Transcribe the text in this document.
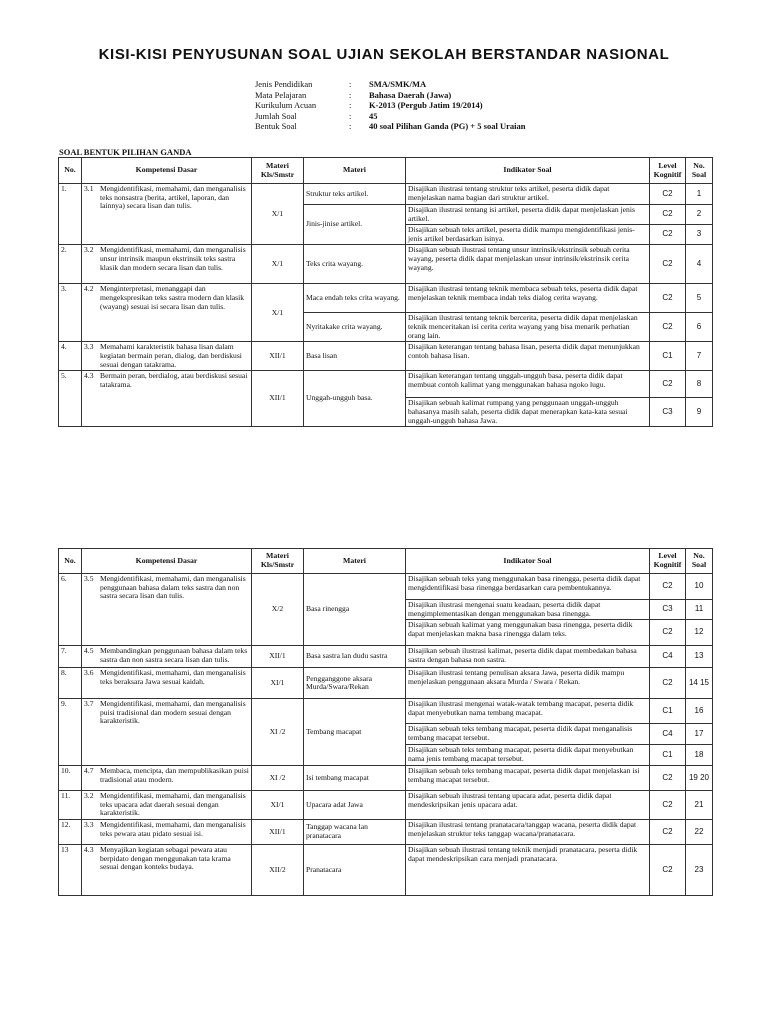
KISI-KISI PENYUSUNAN SOAL UJIAN SEKOLAH BERSTANDAR NASIONAL
Jenis Pendidikan	:	SMA/SMK/MA
Mata Pelajaran	:	Bahasa Daerah (Jawa)
Kurikulum Acuan	:	K-2013 (Pergub Jatim 19/2014)
Jumlah Soal	:	45
Bentuk Soal	:	40 soal Pilihan Ganda (PG) + 5 soal Uraian
SOAL BENTUK PILIHAN GANDA
No.	Kompetensi Dasar	Materi Kls/Smstr	Materi	Indikator Soal	Level Kognitif	No. Soal
1.	3.1 Mengidentifikasi, memahami, dan menganalisis teks nonsastra (berita, artikel, laporan, dan lainnya) secara lisan dan tulis.	X/1	Struktur teks artikel.	Disajikan ilustrasi tentang struktur teks artikel, peserta didik dapat menjelaskan nama bagian dari struktur artikel.	C2	1
			Jinis-jinise artikel.	Disajikan ilustrasi tentang isi artikel, peserta didik dapat menjelaskan jenis artikel.	C2	2
				Disajikan sebuah teks artikel, peserta didik mampu mengidentifikasi jenis-jenis artikel berdasarkan isinya.	C2	3
2.	3.2 Mengidentifikasi, memahami, dan menganalisis unsur intrinsik maupun ekstrinsik teks sastra klasik dan modern secara lisan dan tulis.	X/1	Teks crita wayang.	Disajikan sebuah ilustrasi tentang unsur intrinsik/ekstrinsik sebuah cerita wayang, peserta didik dapat menjelaskan unsur intrinsik/ekstrinsik cerita wayang.	C2	4
3.	4.2 Menginterpretasi, menanggapi dan mengekspresikan teks sastra modern dan klasik (wayang) sesuai isi secara lisan dan tulis.	X/1	Maca endah teks crita wayang.	Disajikan ilustrasi tentang teknik membaca sebuah teks, peserta didik dapat menjelaskan teknik membaca indah teks dialog cerita wayang.	C2	5
			Nyritakake crita wayang.	Disajikan ilustrasi tentang teknik bercerita, peserta didik dapat menjelaskan teknik menceritakan isi cerita cerita wayang yang bisa menarik perhatian orang lain.	C2	6
4.	3.3 Memahami karakteristik bahasa lisan dalam kegiatan bermain peran, dialog, dan berdiskusi sesuai dengan tatakrama.	XII/1	Basa lisan	Disajikan keterangan tentang bahasa lisan, peserta didik dapat menunjukkan contoh bahasa lisan.	C1	7
5.	4.3 Bermain peran, berdialog, atau berdiskusi sesuai tatakrama.	XII/1	Unggah-ungguh basa.	Disajikan keterangan tentang unggah-ungguh basa, peserta didik dapat membuat contoh kalimat yang menggunakan bahasa ngoko lugu.	C2	8
				Disajikan sebuah kalimat rumpang yang penggunaan unggah-ungguh bahasanya masih salah, peserta didik dapat menerapkan kata-kata sesuai unggah-ungguh bahasa Jawa.	C3	9
No.	Kompetensi Dasar	Materi Kls/Smstr	Materi	Indikator Soal	Level Kognitif	No. Soal
6.	3.5 Mengidentifikasi, memahami, dan menganalisis penggunaan bahasa dalam teks sastra dan non sastra secara lisan dan tulis.	X/2	Basa rinengga	Disajikan sebuah teks yang menggunakan basa rinengga, peserta didik dapat mengidentifikasi basa rinengga berdasarkan cara pembentukannya.	C2	10
				Disajikan ilustrasi mengenai suatu keadaan, peserta didik dapat mengimplementasikan dengan menggunakan basa rinengga.	C3	11
				Disajikan sebuah kalimat yang menggunakan basa rinengga, peserta didik dapat menjelaskan makna basa rinengga dalam teks.	C2	12
7.	4.5 Membandingkan penggunaan bahasa dalam teks sastra dan non sastra secara lisan dan tulis.	XII/1	Basa sastra lan dudu sastra	Disajikan sebuah ilustrasi kalimat, peserta didik dapat membedakan bahasa sastra dengan bahasa non sastra.	C4	13
8.	3.6 Mengidentifikasi, memahami, dan menganalisis teks beraksara Jawa sesuai kaidah.	XI/1	Pengganggone aksara Murda/Swara/Rekan	Disajikan ilustrasi tentang penulisan aksara Jawa, peserta didik mampu menjelaskan penggunaan aksara Murda / Swara / Rekan.	C2	14 15
9.	3.7 Mengidentifikasi, memahami, dan menganalisis puisi tradisional dan modern sesuai dengan karakteristik.	XI /2	Tembang macapat	Disajikan ilustrasi mengenai watak-watak tembang macapat, peserta didik dapat menyebutkan nama tembang macapat.	C1	16
				Disajikan sebuah teks tembang macapat, peserta didik dapat menganalisis tembang macapat tersebut.	C4	17
				Disajikan sebuah teks tembang macapat, peserta didik dapat menyebutkan nama jenis tembang macapat tersebut.	C1	18
10.	4.7 Membaca, mencipta, dan mempublikasikan puisi tradisional atau modern.	XI /2	Isi tembang macapat	Disajikan sebuah teks tembang macapat, peserta didik dapat menjelaskan isi tembang macapat tersebut.	C2	19 20
11.	3.2 Mengidentifikasi, memahami, dan menganalisis teks upacara adat daerah sesuai dengan karakteristik.	XI/1	Upacara adat Jawa	Disajikan sebuah ilustrasi tentang upacara adat, peserta didik dapat mendeskripsikan jenis upacara adat.	C2	21
12.	3.3 Mengidentifikasi, memahami, dan menganalisis teks pewara atau pidato sesuai isi.	XII/1	Tanggap wacana lan pranatacara	Disajikan ilustrasi tentang pranatacara/tanggap wacana, peserta didik dapat menjelaskan struktur teks tanggap wacana/pranatacara.	C2	22
13	4.3 Menyajikan kegiatan sebagai pewara atau berpidato dengan menggunakan tata krama sesuai dengan konteks budaya.	XII/2	Pranatacara	Disajikan sebuah ilustrasi tentang teknik menjadi pranatacara, peserta didik dapat mendeskripsikan cara menjadi pranatacara.	C2	23
